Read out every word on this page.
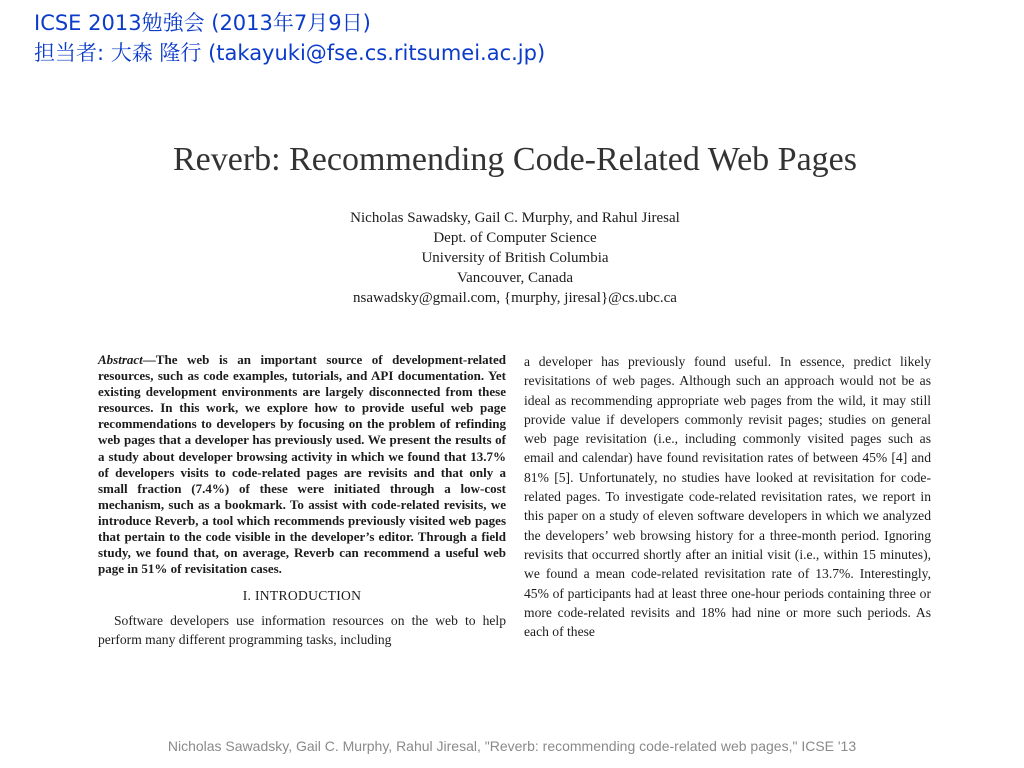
ICSE 2013勉強会 (2013年7月9日)
担当者: 大森 隆行 (takayuki@fse.cs.ritsumei.ac.jp)
Reverb: Recommending Code-Related Web Pages
Nicholas Sawadsky, Gail C. Murphy, and Rahul Jiresal
Dept. of Computer Science
University of British Columbia
Vancouver, Canada
nsawadsky@gmail.com, {murphy, jiresal}@cs.ubc.ca
Abstract—The web is an important source of development-related resources, such as code examples, tutorials, and API documentation. Yet existing development environments are largely disconnected from these resources. In this work, we explore how to provide useful web page recommendations to developers by focusing on the problem of refinding web pages that a developer has previously used. We present the results of a study about developer browsing activity in which we found that 13.7% of developers visits to code-related pages are revisits and that only a small fraction (7.4%) of these were initiated through a low-cost mechanism, such as a bookmark. To assist with code-related revisits, we introduce Reverb, a tool which recommends previously visited web pages that pertain to the code visible in the developer’s editor. Through a field study, we found that, on average, Reverb can recommend a useful web page in 51% of revisitation cases.
I. INTRODUCTION
Software developers use information resources on the web to help perform many different programming tasks, including
a developer has previously found useful. In essence, predict likely revisitations of web pages. Although such an approach would not be as ideal as recommending appropriate web pages from the wild, it may still provide value if developers commonly revisit pages; studies on general web page revisitation (i.e., including commonly visited pages such as email and calendar) have found revisitation rates of between 45% [4] and 81% [5]. Unfortunately, no studies have looked at revisitation for code-related pages. To investigate code-related revisitation rates, we report in this paper on a study of eleven software developers in which we analyzed the developers’ web browsing history for a three-month period. Ignoring revisits that occurred shortly after an initial visit (i.e., within 15 minutes), we found a mean code-related revisitation rate of 13.7%. Interestingly, 45% of participants had at least three one-hour periods containing three or more code-related revisits and 18% had nine or more such periods. As each of these
Nicholas Sawadsky, Gail C. Murphy, Rahul Jiresal, "Reverb: recommending code-related web pages," ICSE '13
